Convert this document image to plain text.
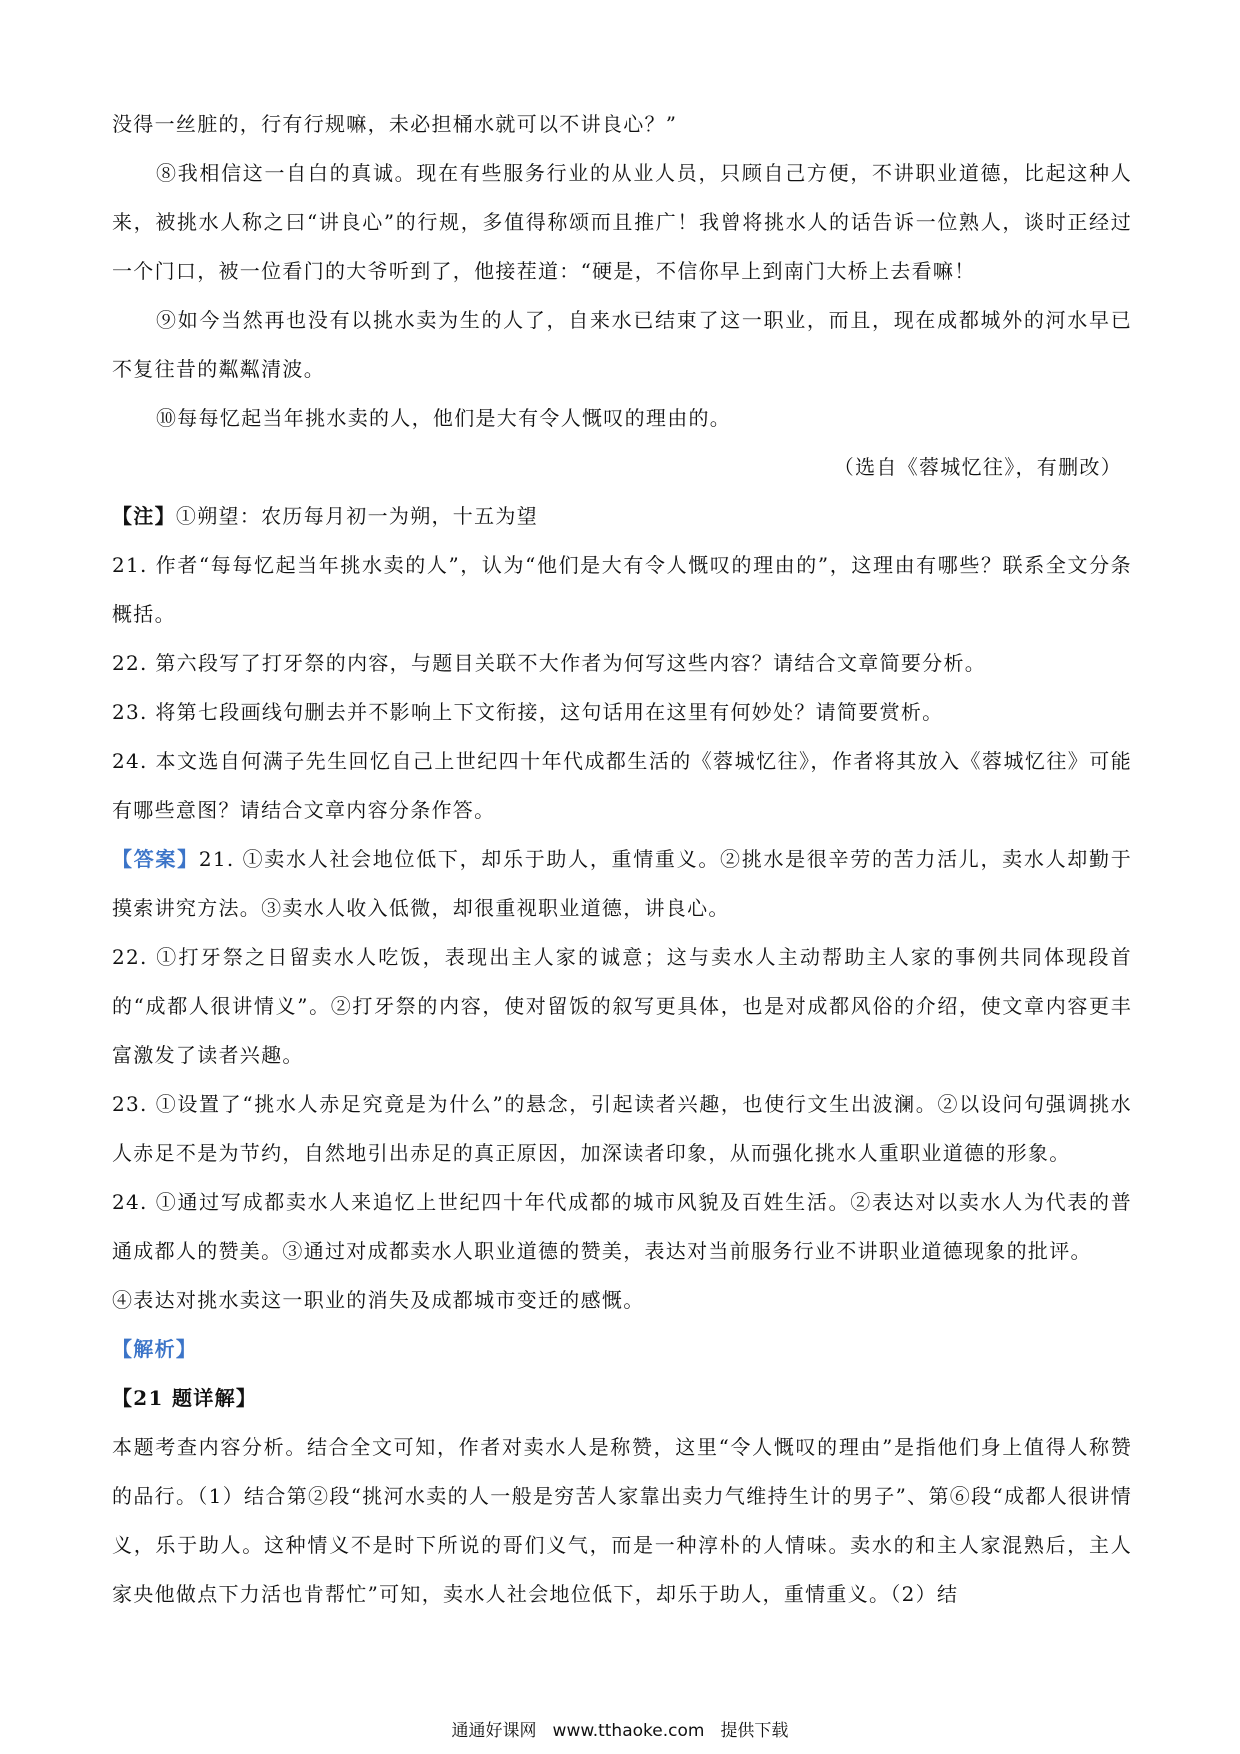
没得一丝脏的，行有行规嘛，未必担桶水就可以不讲良心？”

⑧我相信这一自白的真诚。现在有些服务行业的从业人员，只顾自己方便，不讲职业道德，比起这种人来，被挑水人称之曰“讲良心”的行规，多值得称颂而且推广！我曾将挑水人的话告诉一位熟人，谈时正经过一个门口，被一位看门的大爷听到了，他接茬道：“硬是，不信你早上到南门大桥上去看嘛！

⑨如今当然再也没有以挑水卖为生的人了，自来水已结束了这一职业，而且，现在成都城外的河水早已不复往昔的粼粼清波。

⑩每每忆起当年挑水卖的人，他们是大有令人慨叹的理由的。

（选自《蓉城忆往》，有删改）

【注】①朔望：农历每月初一为朔，十五为望

21. 作者“每每忆起当年挑水卖的人”，认为“他们是大有令人慨叹的理由的”，这理由有哪些？联系全文分条概括。

22. 第六段写了打牙祭的内容，与题目关联不大作者为何写这些内容？请结合文章简要分析。

23. 将第七段画线句删去并不影响上下文衔接，这句话用在这里有何妙处？请简要赏析。

24. 本文选自何满子先生回忆自己上世纪四十年代成都生活的《蓉城忆往》，作者将其放入《蓉城忆往》可能有哪些意图？请结合文章内容分条作答。

【答案】21. ①卖水人社会地位低下，却乐于助人，重情重义。②挑水是很辛劳的苦力活儿，卖水人却勤于摸索讲究方法。③卖水人收入低微，却很重视职业道德，讲良心。

22. ①打牙祭之日留卖水人吃饭，表现出主人家的诚意；这与卖水人主动帮助主人家的事例共同体现段首的“成都人很讲情义”。②打牙祭的内容，使对留饭的叙写更具体，也是对成都风俗的介绍，使文章内容更丰富激发了读者兴趣。

23. ①设置了“挑水人赤足究竟是为什么”的悬念，引起读者兴趣，也使行文生出波澜。②以设问句强调挑水人赤足不是为节约，自然地引出赤足的真正原因，加深读者印象，从而强化挑水人重职业道德的形象。

24. ①通过写成都卖水人来追忆上世纪四十年代成都的城市风貌及百姓生活。②表达对以卖水人为代表的普通成都人的赞美。③通过对成都卖水人职业道德的赞美，表达对当前服务行业不讲职业道德现象的批评。

④表达对挑水卖这一职业的消失及成都城市变迁的感慨。

【解析】

【21 题详解】

本题考查内容分析。结合全文可知，作者对卖水人是称赞，这里“令人慨叹的理由”是指他们身上值得人称赞的品行。（1）结合第②段“挑河水卖的人一般是穷苦人家靠出卖力气维持生计的男子”、第⑥段“成都人很讲情义，乐于助人。这种情义不是时下所说的哥们义气，而是一种淳朴的人情味。卖水的和主人家混熟后，主人家央他做点下力活也肯帮忙”可知，卖水人社会地位低下，却乐于助人，重情重义。（2）结

通通好课网 www.tthaoke.com 提供下载
